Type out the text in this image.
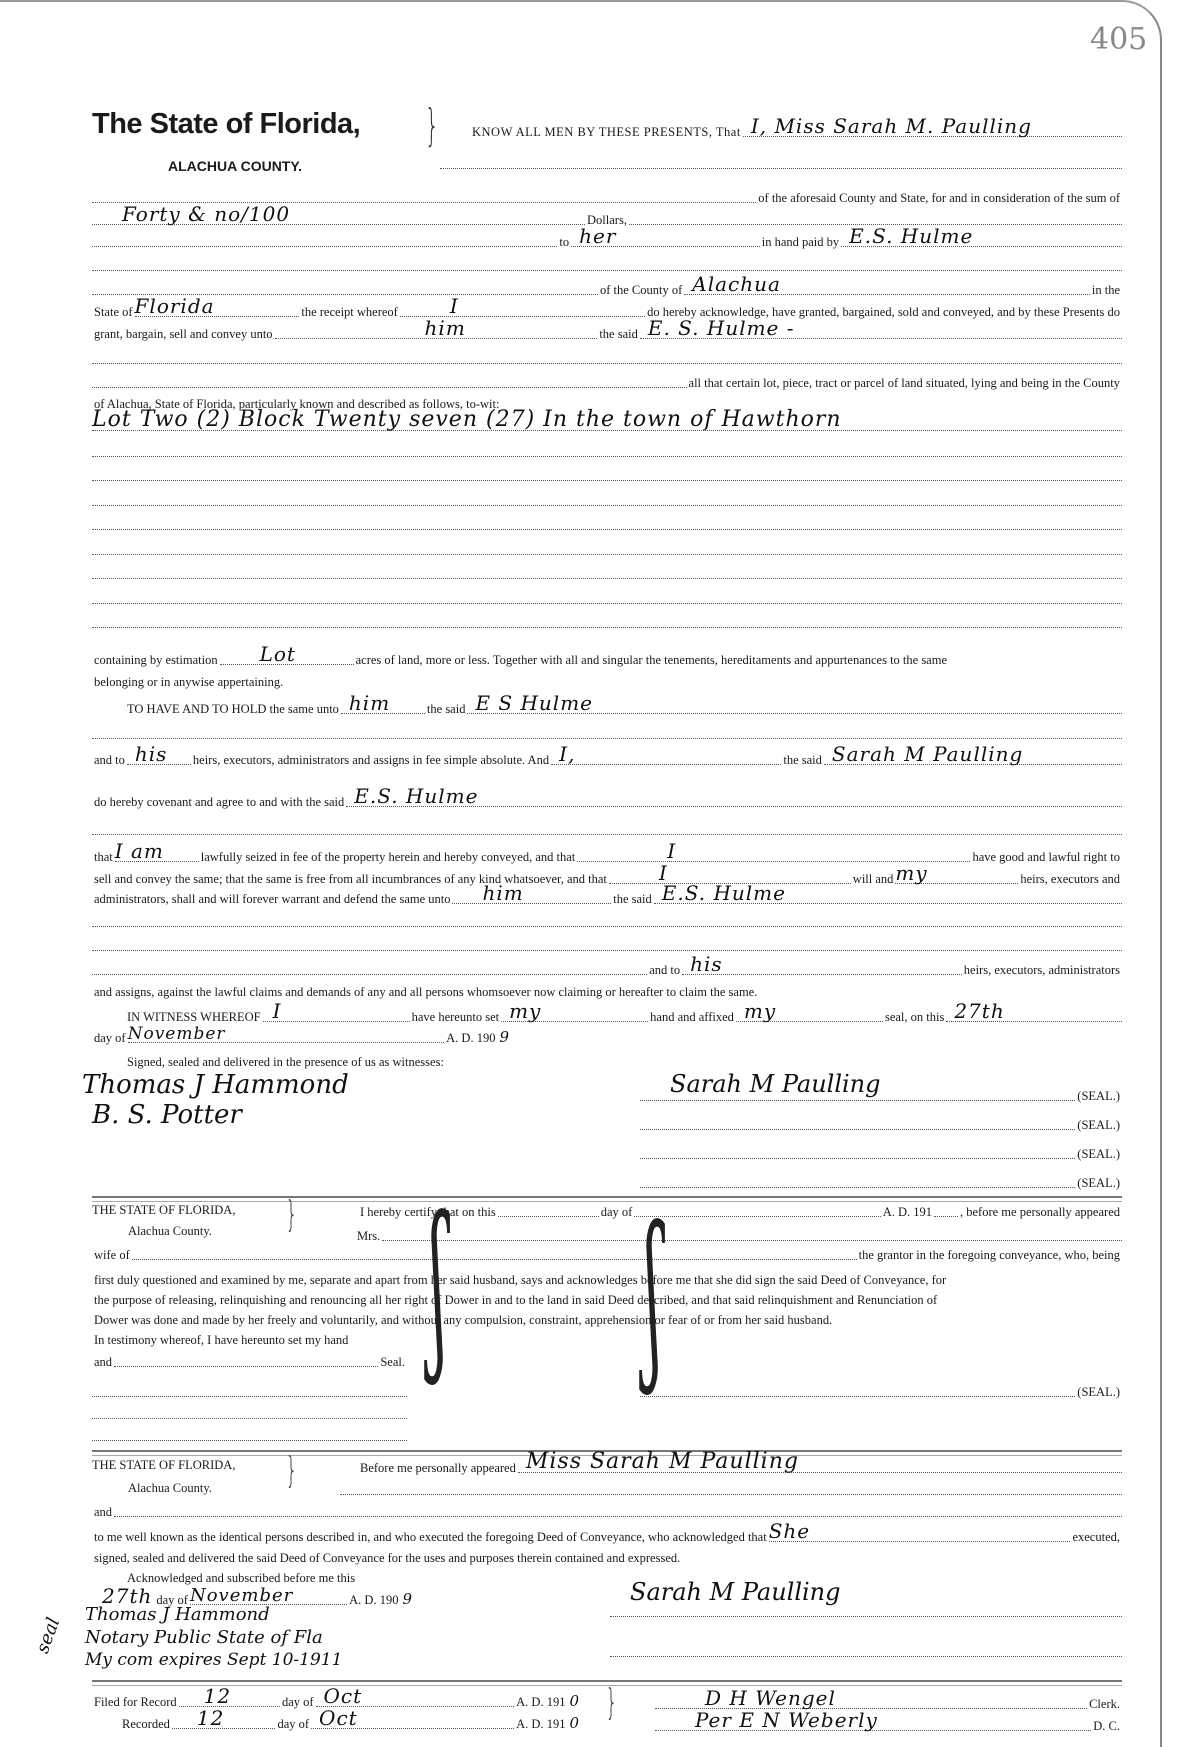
405
The State of Florida,
ALACHUA COUNTY.
}	KNOW ALL MEN BY THESE PRESENTS, That I, Miss Sarah M. Paulling
of the aforesaid County and State, for and in consideration of the sum of
Forty & no/100	Dollars,
to her	in hand paid by E.S. Hulme
of the County of Alachua	in the
State of Florida	the receipt whereof	I	do hereby acknowledge, have granted, bargained, sold and conveyed, and by these Presents do
grant, bargain, sell and convey unto	him	the said E. S. Hulme -
all that certain lot, piece, tract or parcel of land situated, lying and being in the County
of Alachua, State of Florida, particularly known and described as follows, to-wit:
Lot Two (2) Block Twenty seven (27) In the town of Hawthorn
containing by estimation Lot	acres of land, more or less. Together with all and singular the tenements, hereditaments and appurtenances to the same
belonging or in anywise appertaining.
TO HAVE AND TO HOLD the same unto him	the said E S Hulme
and to his heirs, executors, administrators and assigns in fee simple absolute. And I,	the said Sarah M Paulling
do hereby covenant and agree to and with the said E.S. Hulme
that I am	lawfully seized in fee of the property herein and hereby conveyed, and that	I	have good and lawful right to
sell and convey the same; that the same is free from all incumbrances of any kind whatsoever, and that	I	will and my	heirs, executors and
administrators, shall and will forever warrant and defend the same unto him	the said E.S. Hulme
and to his	heirs, executors, administrators
and assigns, against the lawful claims and demands of any and all persons whomsoever now claiming or hereafter to claim the same.
IN WITNESS WHEREOF I	have hereunto set my	hand and affixed my	seal, on this 27th
day of November	A. D. 190 9
Signed, sealed and delivered in the presence of us as witnesses:
Thomas J Hammond
B. S. Potter
Sarah M Paulling	(SEAL.)
(SEAL.)
(SEAL.)
(SEAL.)
THE STATE OF FLORIDA,
Alachua County. }	I hereby certify that on this	day of	A. D. 191 , before me personally appeared
Mrs.
wife of	the grantor in the foregoing conveyance, who, being
first duly questioned and examined by me, separate and apart from her said husband, says and acknowledges before me that she did sign the said Deed of Conveyance, for
the purpose of releasing, relinquishing and renouncing all her right of Dower in and to the land in said Deed described, and that said relinquishment and Renunciation of
Dower was done and made by her freely and voluntarily, and without any compulsion, constraint, apprehension or fear of or from her said husband.
In testimony whereof, I have hereunto set my hand
and	Seal.
(SEAL.)
ʃ	ʃ
THE STATE OF FLORIDA,
Alachua County. }	Before me personally appeared Miss Sarah M Paulling
and
to me well known as the identical persons described in, and who executed the foregoing Deed of Conveyance, who acknowledged that She	executed,
signed, sealed and delivered the said Deed of Conveyance for the uses and purposes therein contained and expressed.
Acknowledged and subscribed before me this
27th day of November	A. D. 190 9
Thomas J Hammond
Notary Public State of Fla
My com expires Sept 10-1911
seal
Sarah M Paulling
Filed for Record 12	day of Oct	A. D. 191 0
Recorded 12	day of Oct	A. D. 191 0 }	D H Wengel	Clerk.
Per E N Weberly	D. C.
